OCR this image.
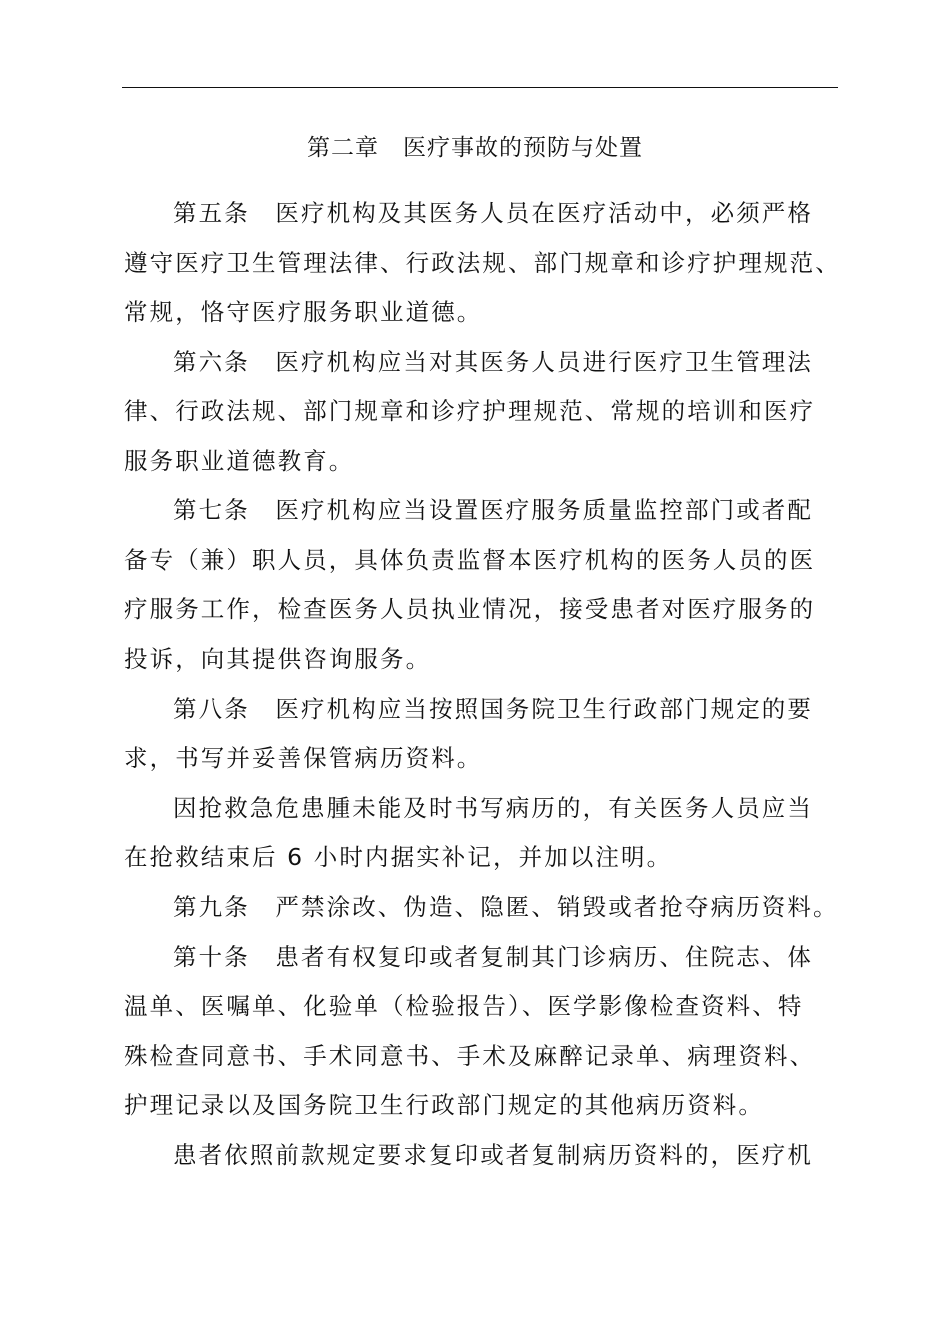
第二章　医疗事故的预防与处置
第五条　医疗机构及其医务人员在医疗活动中，必须严格
遵守医疗卫生管理法律、行政法规、部门规章和诊疗护理规范、
常规，恪守医疗服务职业道德。
第六条　医疗机构应当对其医务人员进行医疗卫生管理法
律、行政法规、部门规章和诊疗护理规范、常规的培训和医疗
服务职业道德教育。
第七条　医疗机构应当设置医疗服务质量监控部门或者配
备专（兼）职人员，具体负责监督本医疗机构的医务人员的医
疗服务工作，检查医务人员执业情况，接受患者对医疗服务的
投诉，向其提供咨询服务。
第八条　医疗机构应当按照国务院卫生行政部门规定的要
求，书写并妥善保管病历资料。
因抢救急危患腫未能及时书写病历的，有关医务人员应当
在抢救结束后 6 小时内据实补记，并加以注明。
第九条　严禁涂改、伪造、隐匿、销毁或者抢夺病历资料。
第十条　患者有权复印或者复制其门诊病历、住院志、体
温单、医嘱单、化验单（检验报告）、医学影像检查资料、特
殊检查同意书、手术同意书、手术及麻醉记录单、病理资料、
护理记录以及国务院卫生行政部门规定的其他病历资料。
患者依照前款规定要求复印或者复制病历资料的，医疗机
